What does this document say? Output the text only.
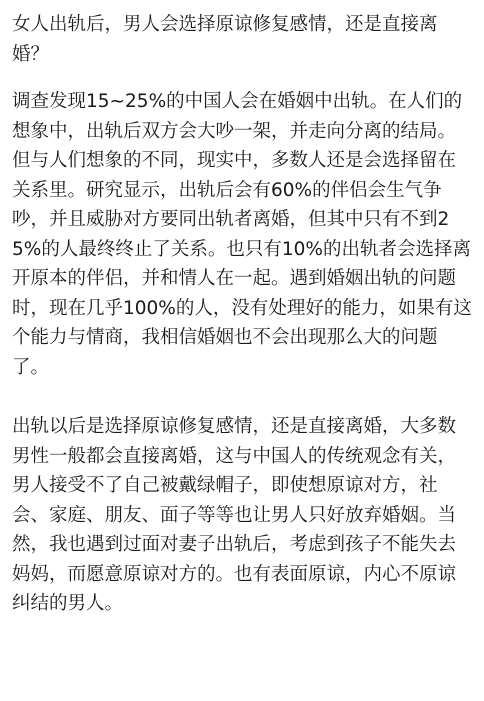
女人出轨后，男人会选择原谅修复感情，还是直接离婚？

调查发现15~25%的中国人会在婚姻中出轨。在人们的想象中，出轨后双方会大吵一架，并走向分离的结局。但与人们想象的不同，现实中，多数人还是会选择留在关系里。研究显示，出轨后会有60%的伴侣会生气争吵，并且威胁对方要同出轨者离婚，但其中只有不到25%的人最终终止了关系。也只有10%的出轨者会选择离开原本的伴侣，并和情人在一起。遇到婚姻出轨的问题时，现在几乎100%的人，没有处理好的能力，如果有这个能力与情商，我相信婚姻也不会出现那么大的问题了。

出轨以后是选择原谅修复感情，还是直接离婚，大多数男性一般都会直接离婚，这与中国人的传统观念有关，男人接受不了自己被戴绿帽子，即使想原谅对方，社会、家庭、朋友、面子等等也让男人只好放弃婚姻。当然，我也遇到过面对妻子出轨后，考虑到孩子不能失去妈妈，而愿意原谅对方的。也有表面原谅，内心不原谅纠结的男人。
